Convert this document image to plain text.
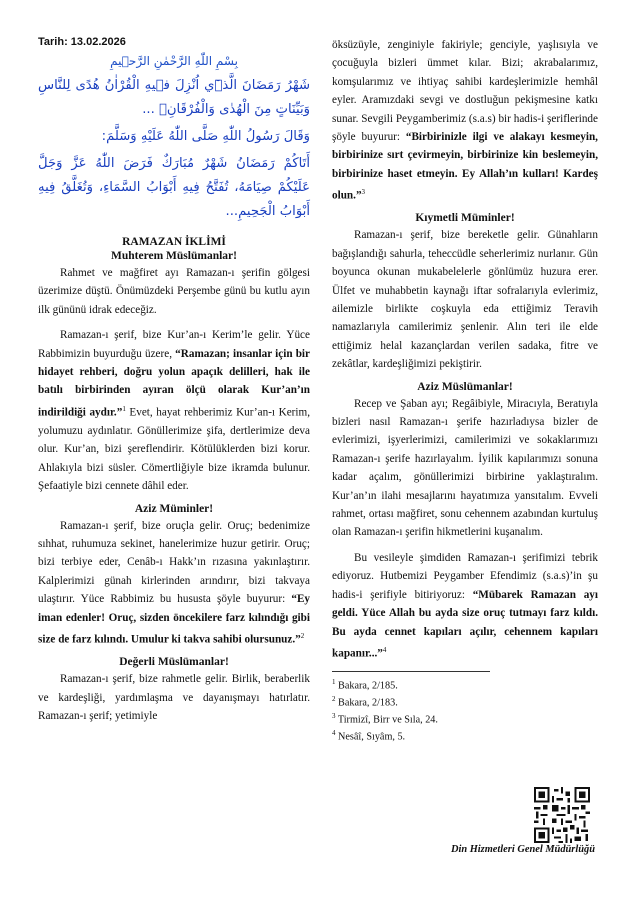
Tarih: 13.02.2026
بِسْمِ اللّٰهِ الرَّحْمٰنِ الرَّح۪يمِ
شَهْرُ رَمَضَانَ الَّذ۪ٓي اُنْزِلَ ف۪يهِ الْقُرْاٰنُ هُدًى لِلنَّاسِ وَبَيِّنَاتٍ مِنَ الْهُدٰى وَالْفُرْقَانِۚ ...
وَقَالَ رَسُولُ اللّٰهِ صَلَّى اللّٰهُ عَلَيْهِ وَسَلَّمَ:
أَتَاكُمْ رَمَضَانُ شَهْرٌ مُبَارَكٌ فَرَضَ اللّٰهُ عَزَّ وَجَلَّ عَلَيْكُمْ صِيَامَهُ، تُفَتَّحُ فِيهِ أَبْوَابُ السَّمَاءِ، وَتُغَلَّقُ فِيهِ أَبْوَابُ الْجَحِيمِ...
RAMAZAN İKLİMİ
Muhterem Müslümanlar!

Rahmet ve mağfiret ayı Ramazan-ı şerifin gölgesi üzerimize düştü. Önümüzdeki Perşembe günü bu kutlu ayın ilk gününü idrak edeceğiz.

Ramazan-ı şerif, bize Kur’an-ı Kerim’le gelir. Yüce Rabbimizin buyurduğu üzere, “Ramazan; insanlar için bir hidayet rehberi, doğru yolun apaçık delilleri, hak ile batılı birbirinden ayıran ölçü olarak Kur’an’ın indirildiği aydır.”$^1$ Evet, hayat rehberimiz Kur’an-ı Kerim, yolumuzu aydınlatır. Gönüllerimize şifa, dertlerimize deva olur. Kur’an, bizi şereflendirir. Kötülüklerden bizi korur. Ahlakıyla bizi süsler. Cömertliğiyle bize ikramda bulunur. Şefaatiyle bizi cennete dâhil eder.

Aziz Müminler!

Ramazan-ı şerif, bize oruçla gelir. Oruç; bedenimize sıhhat, ruhumuza sekinet, hanelerimize huzur getirir. Oruç; bizi terbiye eder, Cenâb-ı Hakk’ın rızasına yakınlaştırır. Kalplerimizi günah kirlerinden arındırır, bizi takvaya ulaştırır. Yüce Rabbimiz bu hususta şöyle buyurur: “Ey iman edenler! Oruç, sizden öncekilere farz kılındığı gibi size de farz kılındı. Umulur ki takva sahibi olursunuz.”$^2$

Değerli Müslümanlar!

Ramazan-ı şerif, bize rahmetle gelir. Birlik, beraberlik ve kardeşliği, yardımlaşma ve dayanışmayı hatırlatır. Ramazan-ı şerif; yetimiyle

öksüzüyle, zenginiyle fakiriyle; genciyle, yaşlısıyla ve çocuğuyla bizleri ümmet kılar. Bizi; akrabalarımız, komşularımız ve ihtiyaç sahibi kardeşlerimizle hemhâl eyler. Aramızdaki sevgi ve dostluğun pekişmesine katkı sunar. Sevgili Peygamberimiz (s.a.s) bir hadis-i şeriflerinde şöyle buyurur: “Birbirinizle ilgi ve alakayı kesmeyin, birbirinize sırt çevirmeyin, birbirinize kin beslemeyin, birbirinize haset etmeyin. Ey Allah’ın kulları! Kardeş olun.”$^3$

Kıymetli Müminler!

Ramazan-ı şerif, bize bereketle gelir. Günahların bağışlandığı sahurla, teheccüdle seherlerimiz nurlanır. Gün boyunca okunan mukabelelerle gönlümüz huzura erer. Ülfet ve muhabbetin kaynağı iftar sofralarıyla evlerimiz, ailemizle birlikte coşkuyla eda ettiğimiz Teravih namazlarıyla camilerimiz şenlenir. Alın teri ile elde ettiğimiz helal kazançlardan verilen sadaka, fitre ve zekâtlar, kardeşliğimizi pekiştirir.

Aziz Müslümanlar!

Recep ve Şaban ayı; Regâibiyle, Miracıyla, Beratıyla bizleri nasıl Ramazan-ı şerife hazırladıysa bizler de evlerimizi, işyerlerimizi, camilerimizi ve sokaklarımızı Ramazan-ı şerife hazırlayalım. İyilik kapılarımızı sonuna kadar açalım, gönüllerimizi birbirine yaklaştıralım. Kur’an’ın ilahi mesajlarını hayatımıza yansıtalım. Evveli rahmet, ortası mağfiret, sonu cehennem azabından kurtuluş olan Ramazan-ı şerifin hikmetlerini kuşanalım.

Bu vesileyle şimdiden Ramazan-ı şerifimizi tebrik ediyoruz. Hutbemizi Peygamber Efendimiz (s.a.s)’in şu hadis-i şerifiyle bitiriyoruz: “Mübarek Ramazan ayı geldi. Yüce Allah bu ayda size oruç tutmayı farz kıldı. Bu ayda cennet kapıları açılır, cehennem kapıları kapanır...”$^4$

$^1$ Bakara, 2/185.

$^2$ Bakara, 2/183.

$^3$ Tirmizî, Birr ve Sıla, 24.

$^4$ Nesâî, Sıyâm, 5.

Din Hizmetleri Genel Müdürlüğü
